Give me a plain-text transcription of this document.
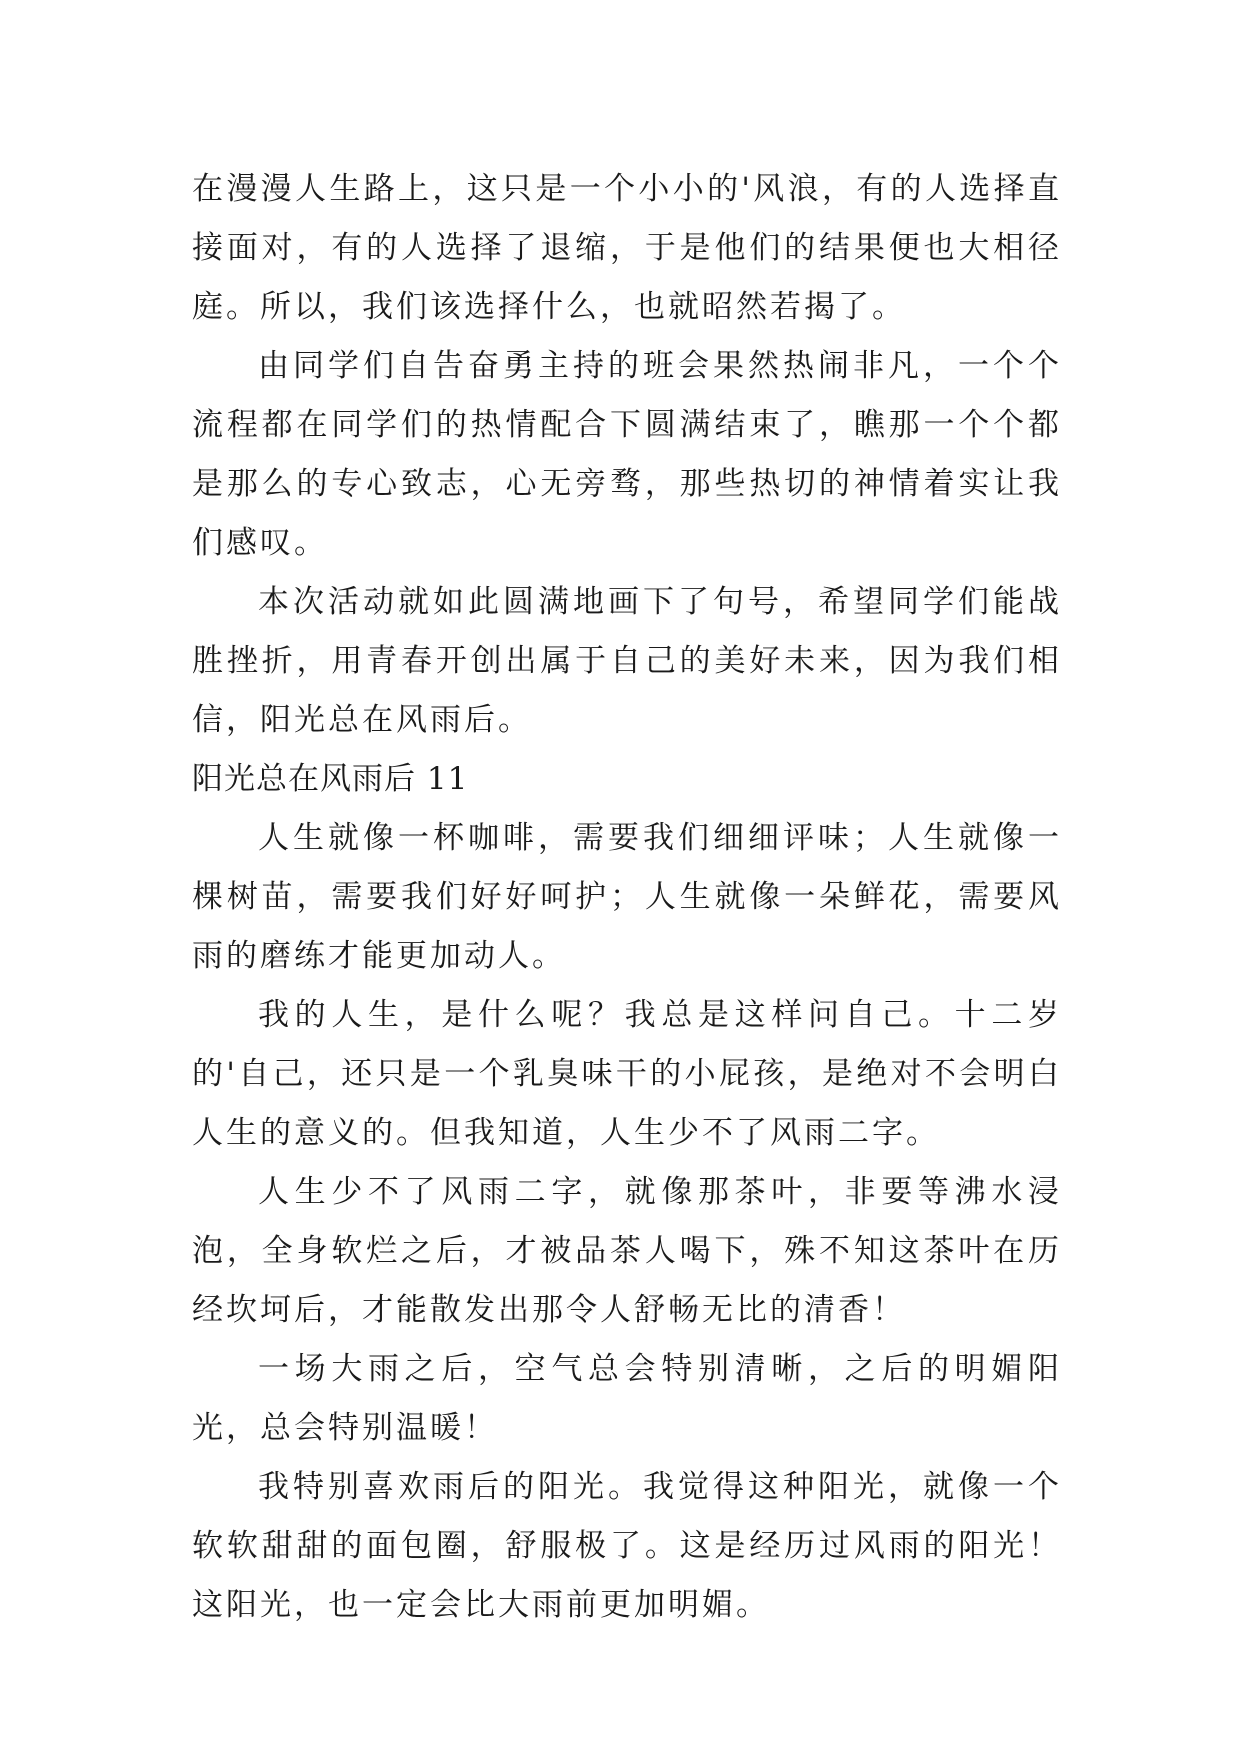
在漫漫人生路上，这只是一个小小的'风浪，有的人选择直接面对，有的人选择了退缩，于是他们的结果便也大相径庭。所以，我们该选择什么，也就昭然若揭了。

由同学们自告奋勇主持的班会果然热闹非凡，一个个流程都在同学们的热情配合下圆满结束了，瞧那一个个都是那么的专心致志，心无旁骛，那些热切的神情着实让我们感叹。

本次活动就如此圆满地画下了句号，希望同学们能战胜挫折，用青春开创出属于自己的美好未来，因为我们相信，阳光总在风雨后。

阳光总在风雨后 11

人生就像一杯咖啡，需要我们细细评味；人生就像一棵树苗，需要我们好好呵护；人生就像一朵鲜花，需要风雨的磨练才能更加动人。

我的人生，是什么呢？我总是这样问自己。十二岁的'自己，还只是一个乳臭味干的小屁孩，是绝对不会明白人生的意义的。但我知道，人生少不了风雨二字。

人生少不了风雨二字，就像那茶叶，非要等沸水浸泡，全身软烂之后，才被品茶人喝下，殊不知这茶叶在历经坎坷后，才能散发出那令人舒畅无比的清香！

一场大雨之后，空气总会特别清晰，之后的明媚阳光，总会特别温暖！

我特别喜欢雨后的阳光。我觉得这种阳光，就像一个软软甜甜的面包圈，舒服极了。这是经历过风雨的阳光！这阳光，也一定会比大雨前更加明媚。
